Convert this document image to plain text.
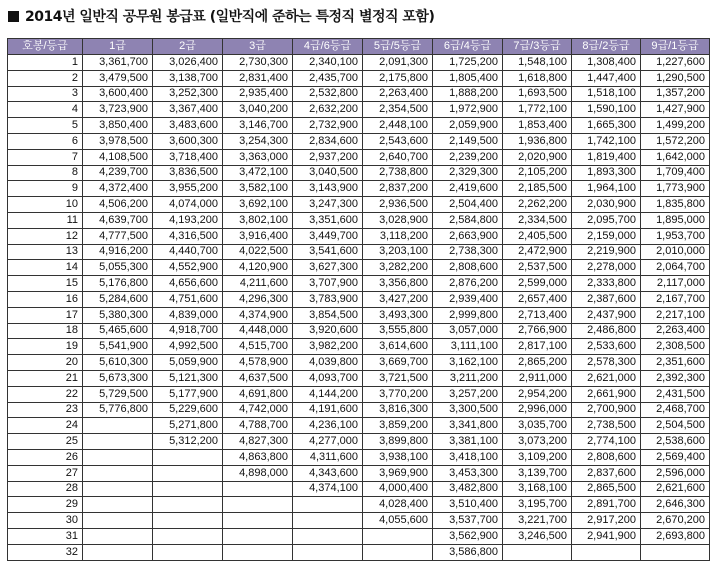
2014년 일반직 공무원 봉급표 (일반직에 준하는 특정직 별정직 포함)
호봉/등급	1급	2급	3급	4급/6등급	5급/5등급	6급/4등급	7급/3등급	8급/2등급	9급/1등급
1	3,361,700	3,026,400	2,730,300	2,340,100	2,091,300	1,725,200	1,548,100	1,308,400	1,227,600
2	3,479,500	3,138,700	2,831,400	2,435,700	2,175,800	1,805,400	1,618,800	1,447,400	1,290,500
3	3,600,400	3,252,300	2,935,400	2,532,800	2,263,400	1,888,200	1,693,500	1,518,100	1,357,200
4	3,723,900	3,367,400	3,040,200	2,632,200	2,354,500	1,972,900	1,772,100	1,590,100	1,427,900
5	3,850,400	3,483,600	3,146,700	2,732,900	2,448,100	2,059,900	1,853,400	1,665,300	1,499,200
6	3,978,500	3,600,300	3,254,300	2,834,600	2,543,600	2,149,500	1,936,800	1,742,100	1,572,200
7	4,108,500	3,718,400	3,363,000	2,937,200	2,640,700	2,239,200	2,020,900	1,819,400	1,642,000
8	4,239,700	3,836,500	3,472,100	3,040,500	2,738,800	2,329,300	2,105,200	1,893,300	1,709,400
9	4,372,400	3,955,200	3,582,100	3,143,900	2,837,200	2,419,600	2,185,500	1,964,100	1,773,900
10	4,506,200	4,074,000	3,692,100	3,247,300	2,936,500	2,504,400	2,262,200	2,030,900	1,835,800
11	4,639,700	4,193,200	3,802,100	3,351,600	3,028,900	2,584,800	2,334,500	2,095,700	1,895,000
12	4,777,500	4,316,500	3,916,400	3,449,700	3,118,200	2,663,900	2,405,500	2,159,000	1,953,700
13	4,916,200	4,440,700	4,022,500	3,541,600	3,203,100	2,738,300	2,472,900	2,219,900	2,010,000
14	5,055,300	4,552,900	4,120,900	3,627,300	3,282,200	2,808,600	2,537,500	2,278,000	2,064,700
15	5,176,800	4,656,600	4,211,600	3,707,900	3,356,800	2,876,200	2,599,000	2,333,800	2,117,000
16	5,284,600	4,751,600	4,296,300	3,783,900	3,427,200	2,939,400	2,657,400	2,387,600	2,167,700
17	5,380,300	4,839,000	4,374,900	3,854,500	3,493,300	2,999,800	2,713,400	2,437,900	2,217,100
18	5,465,600	4,918,700	4,448,000	3,920,600	3,555,800	3,057,000	2,766,900	2,486,800	2,263,400
19	5,541,900	4,992,500	4,515,700	3,982,200	3,614,600	3,111,100	2,817,100	2,533,600	2,308,500
20	5,610,300	5,059,900	4,578,900	4,039,800	3,669,700	3,162,100	2,865,200	2,578,300	2,351,600
21	5,673,300	5,121,300	4,637,500	4,093,700	3,721,500	3,211,200	2,911,000	2,621,000	2,392,300
22	5,729,500	5,177,900	4,691,800	4,144,200	3,770,200	3,257,200	2,954,200	2,661,900	2,431,500
23	5,776,800	5,229,600	4,742,000	4,191,600	3,816,300	3,300,500	2,996,000	2,700,900	2,468,700
24		5,271,800	4,788,700	4,236,100	3,859,200	3,341,800	3,035,700	2,738,500	2,504,500
25		5,312,200	4,827,300	4,277,000	3,899,800	3,381,100	3,073,200	2,774,100	2,538,600
26			4,863,800	4,311,600	3,938,100	3,418,100	3,109,200	2,808,600	2,569,400
27			4,898,000	4,343,600	3,969,900	3,453,300	3,139,700	2,837,600	2,596,000
28				4,374,100	4,000,400	3,482,800	3,168,100	2,865,500	2,621,600
29					4,028,400	3,510,400	3,195,700	2,891,700	2,646,300
30					4,055,600	3,537,700	3,221,700	2,917,200	2,670,200
31						3,562,900	3,246,500	2,941,900	2,693,800
32						3,586,800			
